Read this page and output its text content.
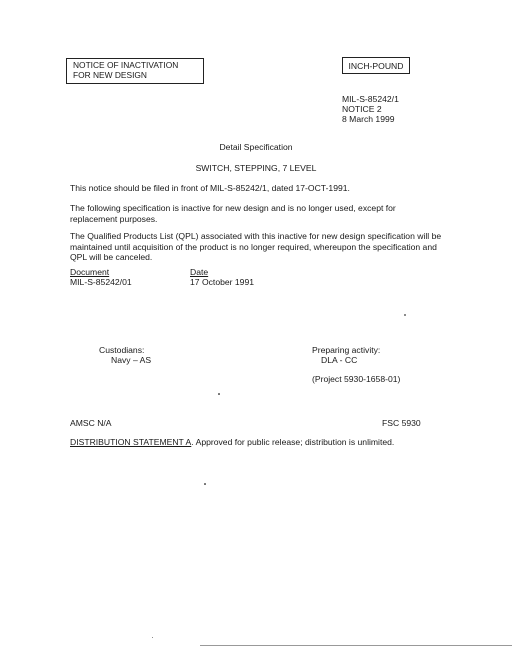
NOTICE OF INACTIVATION
FOR NEW DESIGN
INCH-POUND
MIL-S-85242/1
NOTICE 2
8 March 1999
Detail Specification
SWITCH, STEPPING, 7 LEVEL
This notice should be filed in front of MIL-S-85242/1, dated 17-OCT-1991.
The following specification is inactive for new design and is no longer used, except for replacement purposes.
The Qualified Products List (QPL) associated with this inactive for new design specification will be maintained until acquisition of the product is no longer required, whereupon the specification and QPL will be canceled.
Document	Date
MIL-S-85242/01	17 October 1991
Custodians:
Navy – AS
Preparing activity:
DLA - CC
(Project 5930-1658-01)
AMSC N/A	FSC 5930
DISTRIBUTION STATEMENT A. Approved for public release; distribution is unlimited.
